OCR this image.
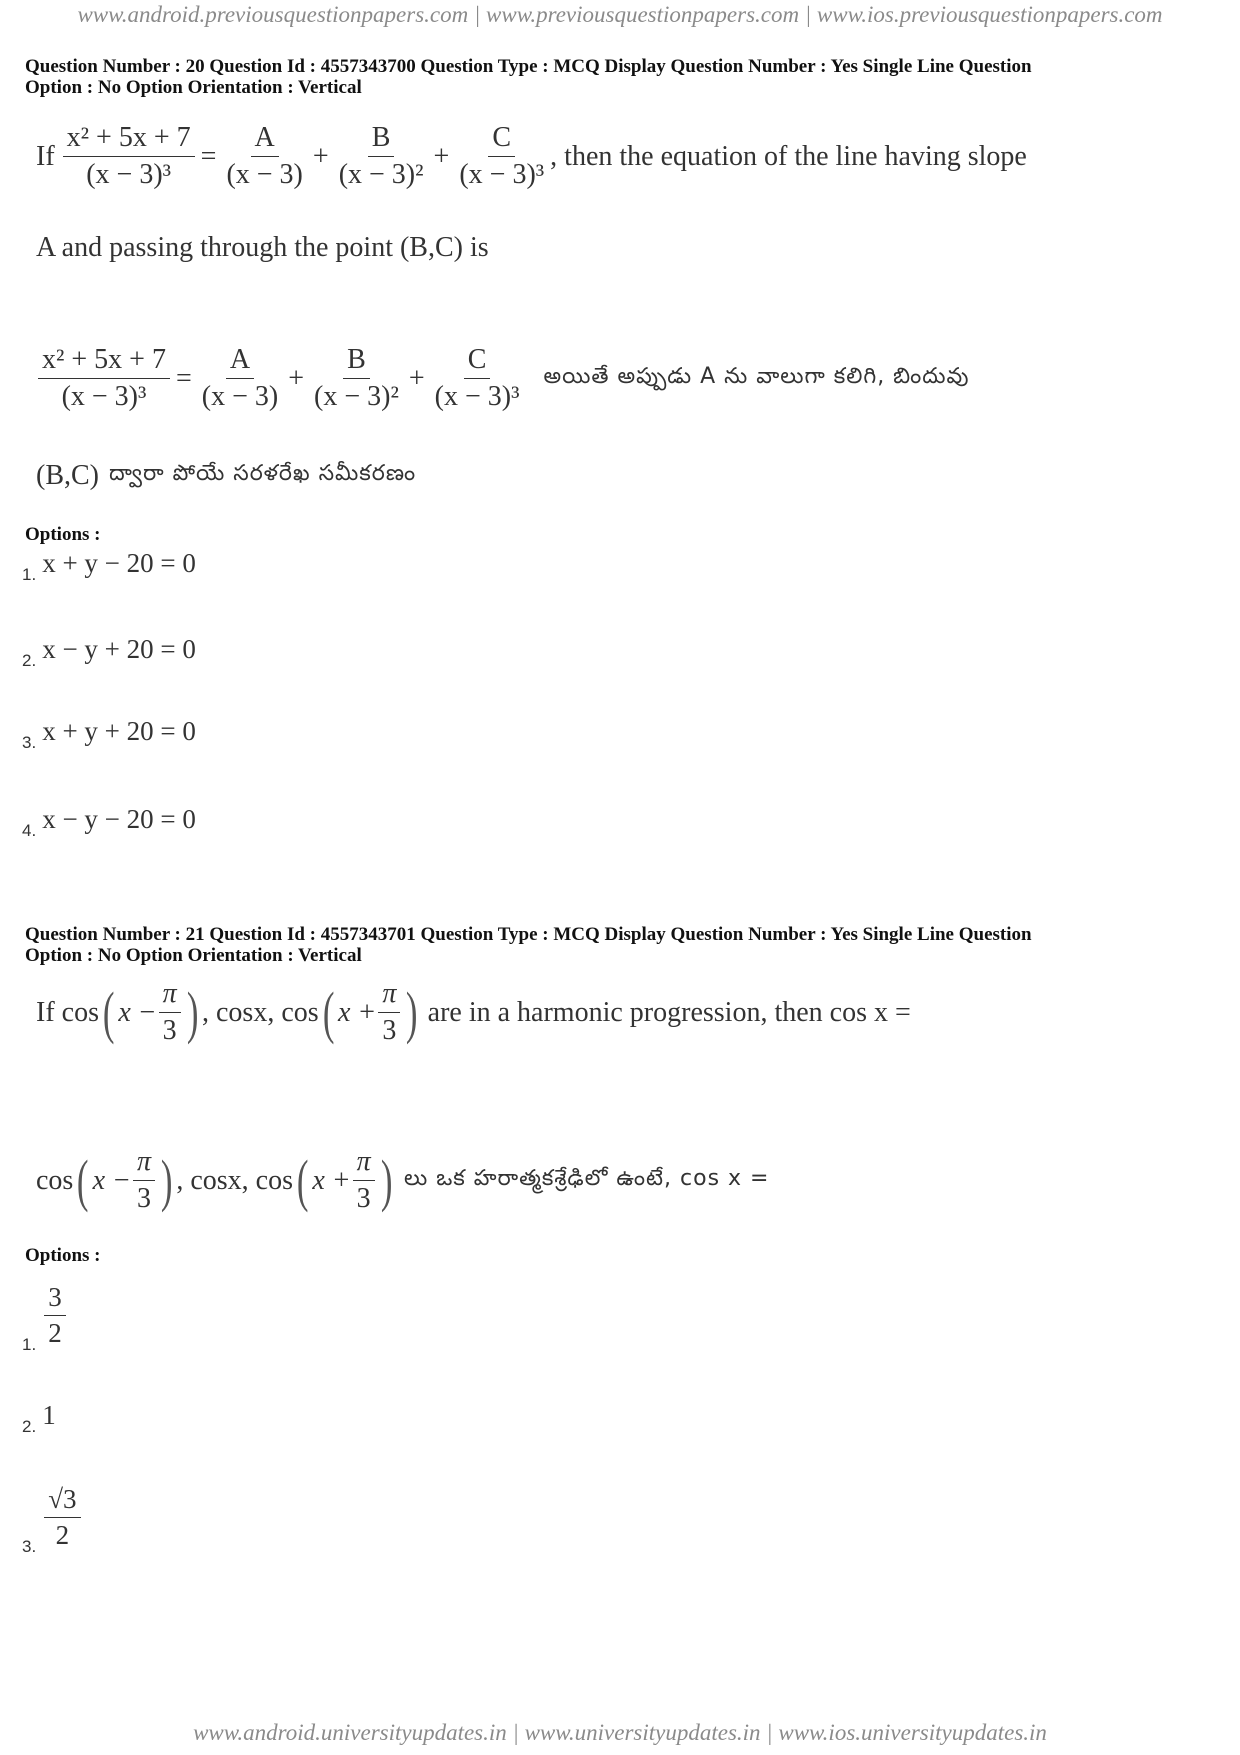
www.android.previousquestionpapers.com | www.previousquestionpapers.com | www.ios.previousquestionpapers.com
Question Number : 20 Question Id : 4557343700 Question Type : MCQ Display Question Number : Yes Single Line Question
Option : No Option Orientation : Vertical
If $\frac{\text{x² + 5x + 7}}{\text{(x − 3)³}} = \frac{A}{(x - 3)} + \frac{B}{\text{(x − 3)²}} + \frac{C}{\text{(x − 3)³}}$ , then the equation of the line having slope
A and passing through the point (B,C) is
$\frac{\text{x² + 5x + 7}}{\text{(x − 3)³}} = \frac{A}{(x - 3)} + \frac{B}{\text{(x − 3)²}} + \frac{C}{\text{(x − 3)³}}$ అయితే అప్పుడు A ను వాలుగా కలిగి, బిందువు
(B,C) ద్వారా పోయే సరళరేఖ సమీకరణం
Options :
1. x + y − 20 = 0
2. x − y + 20 = 0
3. x + y + 20 = 0
4. x − y − 20 = 0
Question Number : 21 Question Id : 4557343701 Question Type : MCQ Display Question Number : Yes Single Line Question
Option : No Option Orientation : Vertical
If cos ( $x - \frac{\pi}{3}$ ) , cosx, cos ( $x + \frac{\pi}{3}$ ) are in a harmonic progression, then cos x =
cos ( $x - \frac{\pi}{3}$ ) , cosx, cos ( $x + \frac{\pi}{3}$ ) లు ఒక హరాత్మకశ్రేఢిలో ఉంటే, cos x =
Options :
1. $\frac{3}{2}$
2. 1
3. $\frac{√3}{2}$
www.android.universityupdates.in | www.universityupdates.in | www.ios.universityupdates.in
